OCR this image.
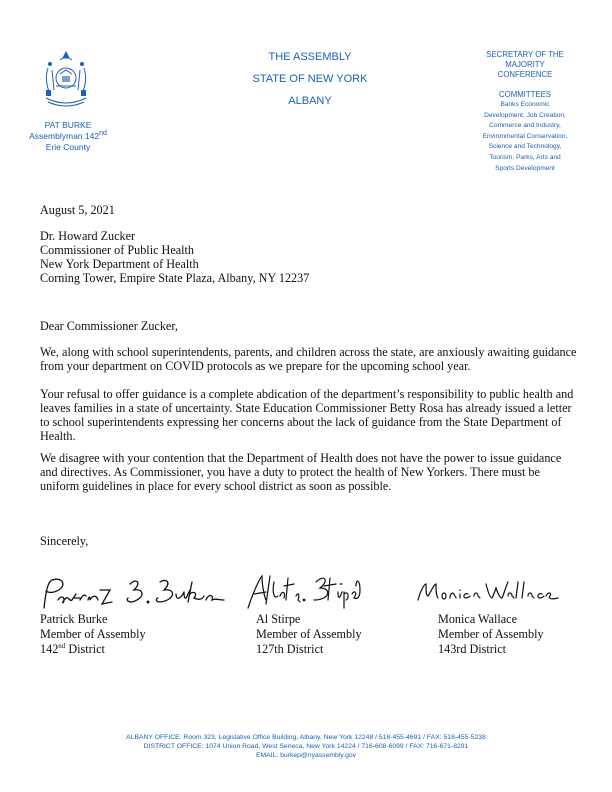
PAT BURKE
Assemblyman 142nd
Erie County
THE ASSEMBLY
STATE OF NEW YORK
ALBANY
SECRETARY OF THE
MAJORITY
CONFERENCE
COMMITTEES
Banks Economic
Development, Job Creation,
Commerce and Industry,
Environmental Conservation,
Science and Technology,
Tourism, Parks, Arts and
Sports Development
August 5, 2021
Dr. Howard Zucker
Commissioner of Public Health
New York Department of Health
Corning Tower, Empire State Plaza, Albany, NY 12237
Dear Commissioner Zucker,

We, along with school superintendents, parents, and children across the state, are anxiously awaiting guidance from your department on COVID protocols as we prepare for the upcoming school year.

Your refusal to offer guidance is a complete abdication of the department’s responsibility to public health and leaves families in a state of uncertainty. State Education Commissioner Betty Rosa has already issued a letter to school superintendents expressing her concerns about the lack of guidance from the State Department of Health.

We disagree with your contention that the Department of Health does not have the power to issue guidance and directives. As Commissioner, you have a duty to protect the health of New Yorkers. There must be uniform guidelines in place for every school district as soon as possible.

Sincerely,
Patrick Burke
Member of Assembly
142nd District
Al Stirpe
Member of Assembly
127th District
Monica Wallace
Member of Assembly
143rd District
ALBANY OFFICE: Room 323, Legislative Office Building, Albany, New York 12248 / 518-455-4691 / FAX: 518-455-5238
DISTRICT OFFICE: 1074 Union Road, West Seneca, New York 14224 / 716-608-6099 / FAX: 716-671-8291
EMAIL: burkep@nyassembly.gov
